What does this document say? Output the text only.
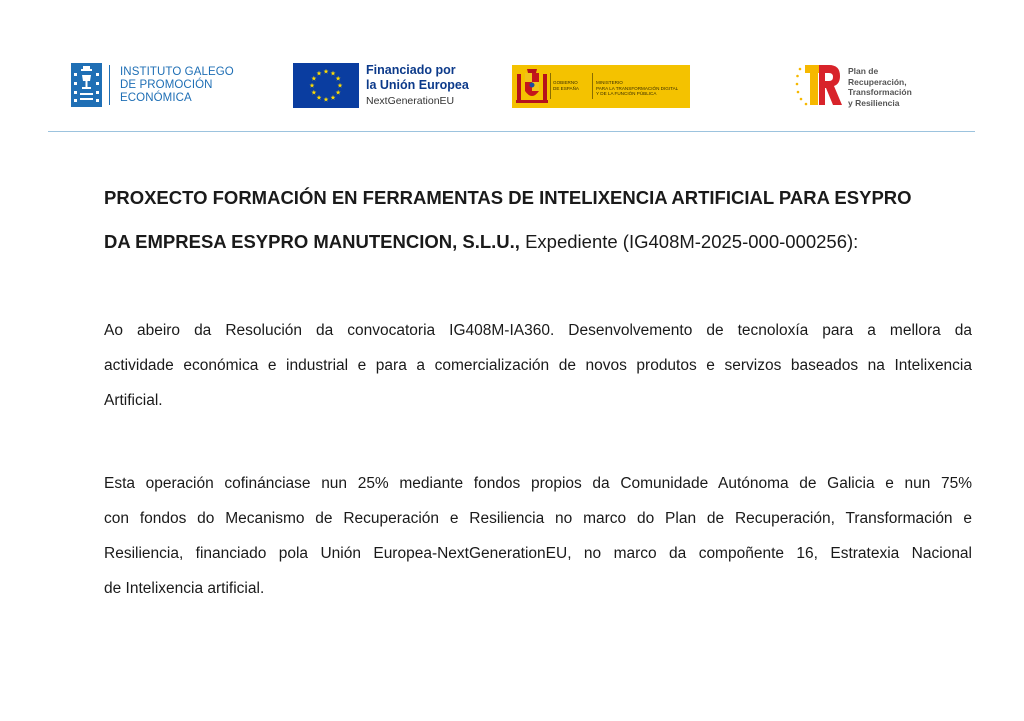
INSTITUTO GALEGO
DE PROMOCIÓN
ECONÓMICA
Financiado por
la Unión Europea
NextGenerationEU
GOBIERNO
DE ESPAÑA
MINISTERIO
PARA LA TRANSFORMACIÓN DIGITAL
Y DE LA FUNCIÓN PÚBLICA
Plan de
Recuperación,
Transformación
y Resiliencia
PROXECTO FORMACIÓN EN FERRAMENTAS DE INTELIXENCIA ARTIFICIAL PARA ESYPRO
DA EMPRESA ESYPRO MANUTENCION, S.L.U., Expediente (IG408M-2025-000-000256):
Ao abeiro da Resolución da convocatoria IG408M-IA360. Desenvolvemento de tecnoloxía para a mellora da
actividade económica e industrial e para a comercialización de novos produtos e servizos baseados na Intelixencia
Artificial.
Esta operación cofinánciase nun 25% mediante fondos propios da Comunidade Autónoma de Galicia e nun 75%
con fondos do Mecanismo de Recuperación e Resiliencia no marco do Plan de Recuperación, Transformación e
Resiliencia, financiado pola Unión Europea-NextGenerationEU, no marco da compoñente 16, Estratexia Nacional
de Intelixencia artificial.
